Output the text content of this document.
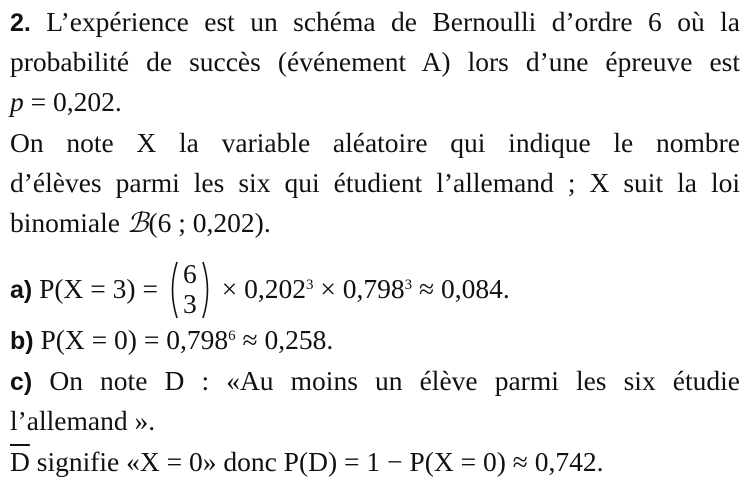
2. L’expérience est un schéma de Bernoulli d’ordre 6 où la
probabilité de succès (événement A) lors d’une épreuve est
p = 0,202.
On note X la variable aléatoire qui indique le nombre
d’élèves parmi les six qui étudient l’allemand ; X suit la loi
binomiale ℬ(6 ; 0,202).
a) P(X = 3) = 6
$3 \times 0,202^3 \times 0,798^3 \approx 0,084$.
b) $P(X = 0) = 0,798^6 \approx 0,258$.
c) On note D : «Au moins un élève parmi les six étudie
l’allemand ».
$\overline{D}$ signifie «X = 0» donc P(D) = 1 − P(X = 0) ≈ 0,742.
